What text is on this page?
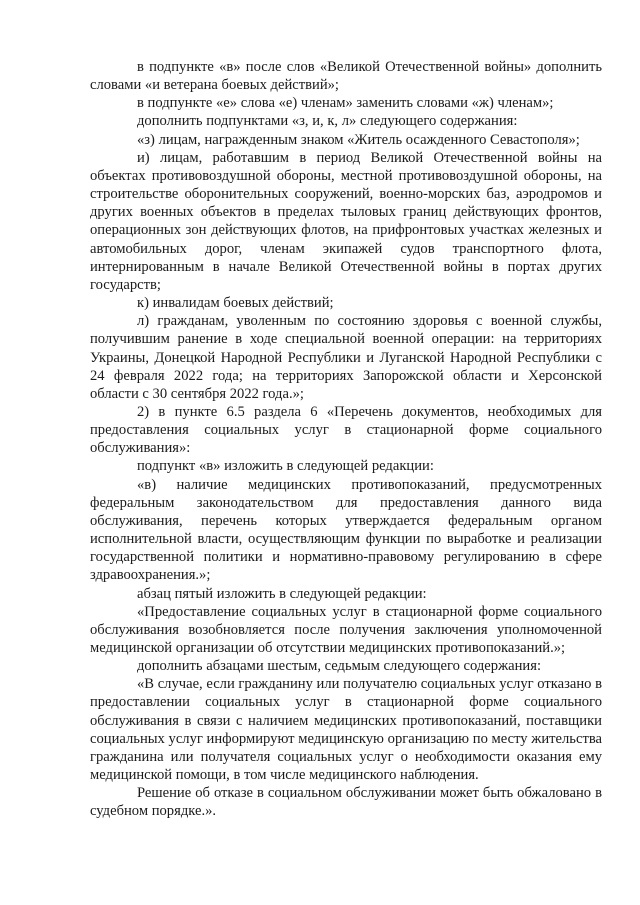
в подпункте «в» после слов «Великой Отечественной войны» дополнить словами «и ветерана боевых действий»;

в подпункте «е» слова «е) членам» заменить словами «ж) членам»;

дополнить подпунктами «з, и, к, л» следующего содержания:

«з) лицам, награжденным знаком «Житель осажденного Севастополя»;

и) лицам, работавшим в период Великой Отечественной войны на объектах противовоздушной обороны, местной противовоздушной обороны, на строительстве оборонительных сооружений, военно-морских баз, аэродромов и других военных объектов в пределах тыловых границ действующих фронтов, операционных зон действующих флотов, на прифронтовых участках железных и автомобильных дорог, членам экипажей судов транспортного флота, интернированным в начале Великой Отечественной войны в портах других государств;

к) инвалидам боевых действий;

л) гражданам, уволенным по состоянию здоровья с военной службы, получившим ранение в ходе специальной военной операции: на территориях Украины, Донецкой Народной Республики и Луганской Народной Республики с 24 февраля 2022 года; на территориях Запорожской области и Херсонской области с 30 сентября 2022 года.»;

2) в пункте 6.5 раздела 6 «Перечень документов, необходимых для предоставления социальных услуг в стационарной форме социального обслуживания»:

подпункт «в» изложить в следующей редакции:

«в) наличие медицинских противопоказаний, предусмотренных федеральным законодательством для предоставления данного вида обслуживания, перечень которых утверждается федеральным органом исполнительной власти, осуществляющим функции по выработке и реализации государственной политики и нормативно-правовому регулированию в сфере здравоохранения.»;

абзац пятый изложить в следующей редакции:

«Предоставление социальных услуг в стационарной форме социального обслуживания возобновляется после получения заключения уполномоченной медицинской организации об отсутствии медицинских противопоказаний.»;

дополнить абзацами шестым, седьмым следующего содержания:

«В случае, если гражданину или получателю социальных услуг отказано в предоставлении социальных услуг в стационарной форме социального обслуживания в связи с наличием медицинских противопоказаний, поставщики социальных услуг информируют медицинскую организацию по месту жительства гражданина или получателя социальных услуг о необходимости оказания ему медицинской помощи, в том числе медицинского наблюдения.

Решение об отказе в социальном обслуживании может быть обжаловано в судебном порядке.».
